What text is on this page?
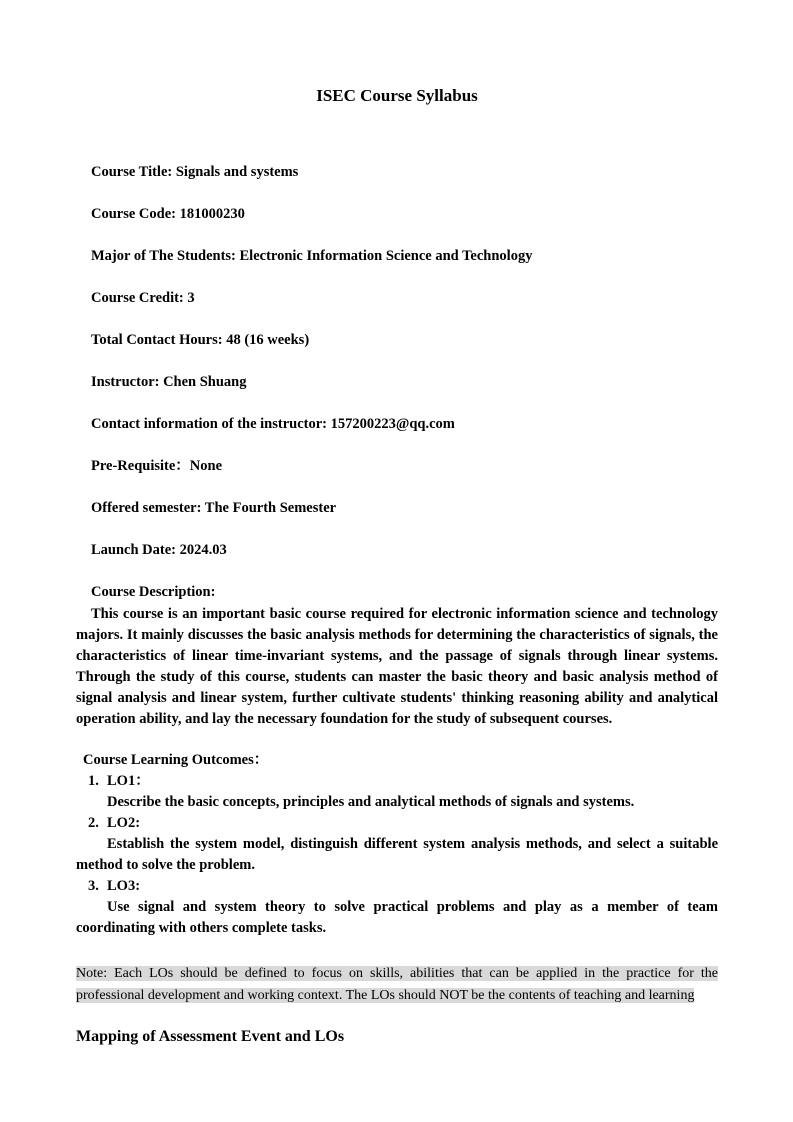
ISEC Course Syllabus

Course Title: Signals and systems

Course Code: 181000230

Major of The Students: Electronic Information Science and Technology

Course Credit: 3

Total Contact Hours: 48 (16 weeks)

Instructor: Chen Shuang

Contact information of the instructor: 157200223@qq.com

Pre-Requisite：None

Offered semester: The Fourth Semester

Launch Date: 2024.03

Course Description:

This course is an important basic course required for electronic information science and technology majors. It mainly discusses the basic analysis methods for determining the characteristics of signals, the characteristics of linear time-invariant systems, and the passage of signals through linear systems. Through the study of this course, students can master the basic theory and basic analysis method of signal analysis and linear system, further cultivate students' thinking reasoning ability and analytical operation ability, and lay the necessary foundation for the study of subsequent courses.

Course Learning Outcomes：

1. LO1：

Describe the basic concepts, principles and analytical methods of signals and systems.

2. LO2:

Establish the system model, distinguish different system analysis methods, and select a suitable method to solve the problem.

3. LO3:

Use signal and system theory to solve practical problems and play as a member of team coordinating with others complete tasks.

Note: Each LOs should be defined to focus on skills, abilities that can be applied in the practice for the professional development and working context. The LOs should NOT be the contents of teaching and learning

Mapping of Assessment Event and LOs
